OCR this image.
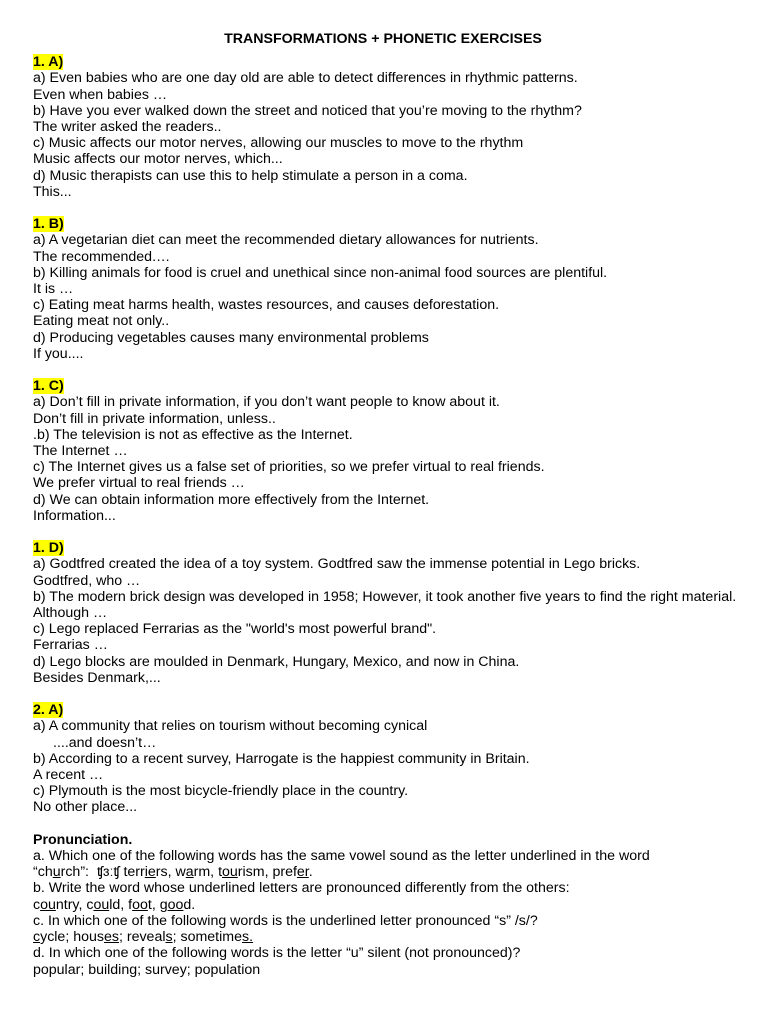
TRANSFORMATIONS + PHONETIC EXERCISES
1. A)
a) Even babies who are one day old are able to detect differences in rhythmic patterns.
Even when babies …
b) Have you ever walked down the street and noticed that you’re moving to the rhythm?
The writer asked the readers..
c) Music affects our motor nerves, allowing our muscles to move to the rhythm
Music affects our motor nerves, which...
d) Music therapists can use this to help stimulate a person in a coma.
This...
1. B)
a) A vegetarian diet can meet the recommended dietary allowances for nutrients.
The recommended.…
b) Killing animals for food is cruel and unethical since non-animal food sources are plentiful.
It is …
c) Eating meat harms health, wastes resources, and causes deforestation.
Eating meat not only..
d) Producing vegetables causes many environmental problems
If you....
1. C)
a) Don’t fill in private information, if you don’t want people to know about it.
Don’t fill in private information, unless..
.b) The television is not as effective as the Internet.
The Internet …
c) The Internet gives us a false set of priorities, so we prefer virtual to real friends.
We prefer virtual to real friends …
d) We can obtain information more effectively from the Internet.
Information...
1. D)
a) Godtfred created the idea of a toy system. Godtfred saw the immense potential in Lego bricks.
Godtfred, who …
b) The modern brick design was developed in 1958; However, it took another five years to find the right material.
Although …
c) Lego replaced Ferrarias as the "world's most powerful brand".
Ferrarias …
d) Lego blocks are moulded in Denmark, Hungary, Mexico, and now in China.
Besides Denmark,...
2. A)
a) A community that relies on tourism without becoming cynical
....and doesn’t…
b) According to a recent survey, Harrogate is the happiest community in Britain.
A recent …
c) Plymouth is the most bicycle-friendly place in the country.
No other place...
Pronunciation.
a. Which one of the following words has the same vowel sound as the letter underlined in the word
“church”:  ʧɜːʧ terriers, warm, tourism, prefer.
b. Write the word whose underlined letters are pronounced differently from the others:
country, could, foot, good.
c. In which one of the following words is the underlined letter pronounced “s” /s/?
cycle; houses; reveals; sometimes.
d. In which one of the following words is the letter “u” silent (not pronounced)?
popular; building; survey; population
